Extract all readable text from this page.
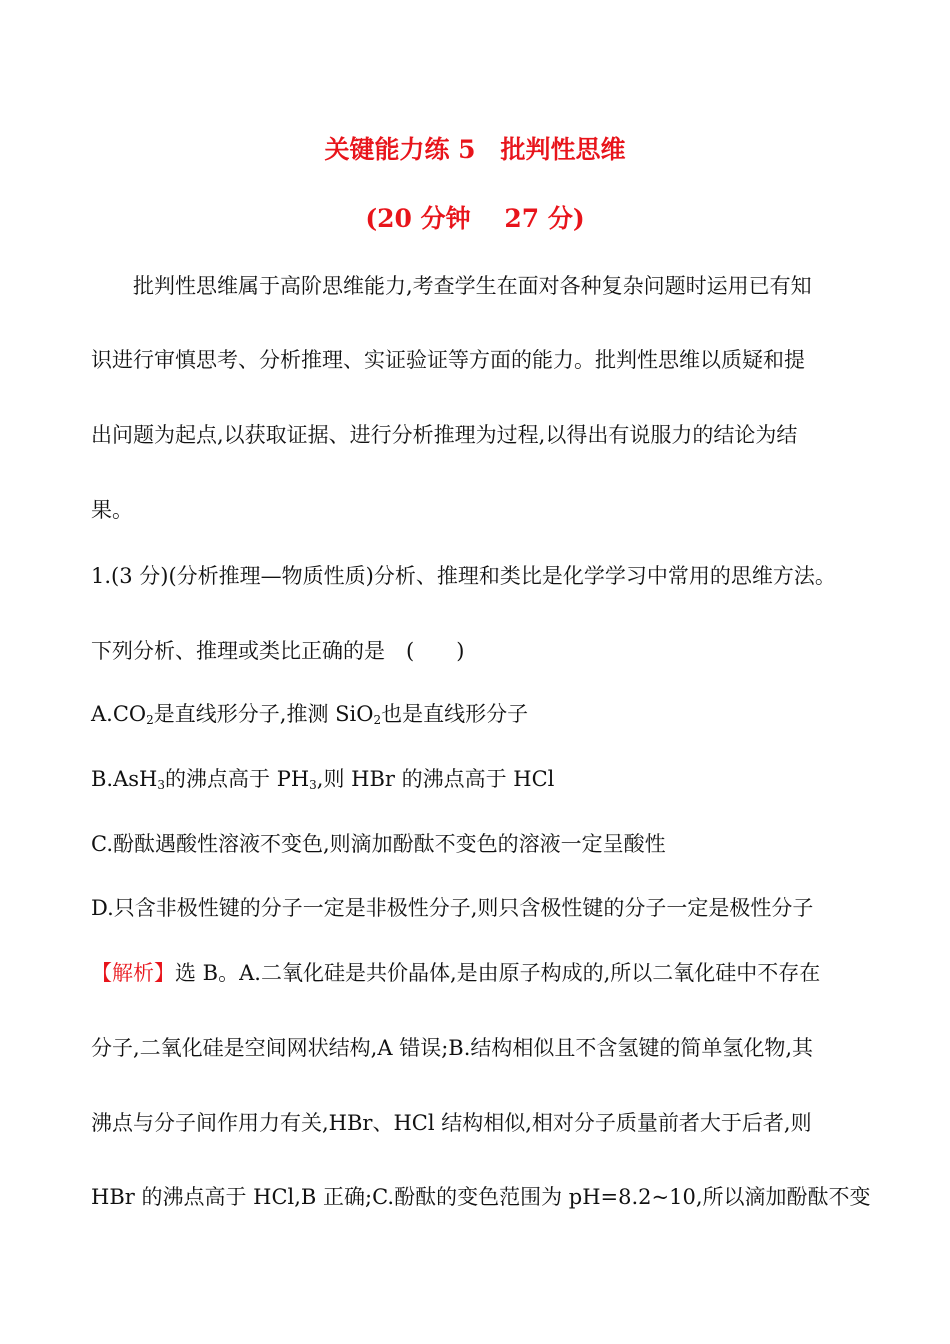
关键能力练 5　批判性思维
(20 分钟　 27 分)
批判性思维属于高阶思维能力,考查学生在面对各种复杂问题时运用已有知
识进行审慎思考、分析推理、实证验证等方面的能力。批判性思维以质疑和提
出问题为起点,以获取证据、进行分析推理为过程,以得出有说服力的结论为结
果。
1.(3 分)(分析推理—物质性质)分析、推理和类比是化学学习中常用的思维方法。
下列分析、推理或类比正确的是　(　　)
$A.CO_2$是直线形分子,推测 SiO$_2$也是直线形分子
B.AsH$_3$的沸点高于 $PH_3$,则 HBr 的沸点高于 HCl
C.酚酞遇酸性溶液不变色,则滴加酚酞不变色的溶液一定呈酸性
D.只含非极性键的分子一定是非极性分子,则只含极性键的分子一定是极性分子
【解析】选 B。A.二氧化硅是共价晶体,是由原子构成的,所以二氧化硅中不存在
分子,二氧化硅是空间网状结构,A 错误;B.结构相似且不含氢键的简单氢化物,其
沸点与分子间作用力有关,HBr、HCl 结构相似,相对分子质量前者大于后者,则
HBr 的沸点高于 HCl,B 正确;C.酚酞的变色范围为 pH=8.2~10,所以滴加酚酞不变
